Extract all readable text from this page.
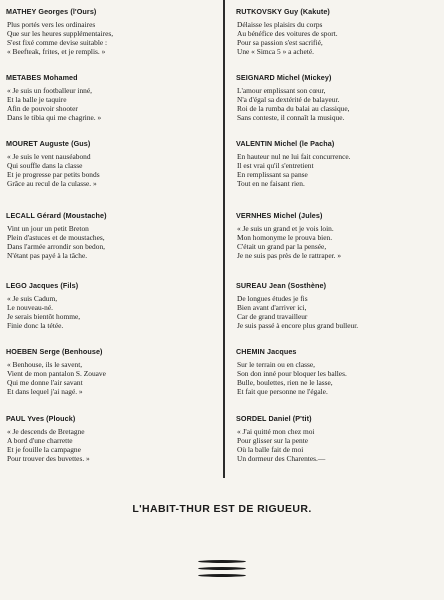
MATHEY Georges (l'Ours)
Plus portés vers les ordinaires
Que sur les heures supplémentaires,
S'est fixé comme devise suitable :
« Beefteak, frites, et je remplis. »
METABES Mohamed
« Je suis un footballeur inné,
Et la balle je taquire
Afin de pouvoir shooter
Dans le tibia qui me chagrine. »
MOURET Auguste (Gus)
« Je suis le vent nauséabond
Qui souffle dans la classe
Et je progresse par petits bonds
Grâce au recul de la culasse. »
LECALL Gérard (Moustache)
Vint un jour un petit Breton
Plein d'astuces et de moustaches,
Dans l'armée arrondir son bedon,
N'étant pas payé à la tâche.
LEGO Jacques (Fils)
« Je suis Cadum,
Le nouveau-né.
Je serais bientôt homme,
Finie donc la tétée.
HOEBEN Serge (Benhouse)
« Benhouse, ils le savent,
Vient de mon pantalon S. Zouave
Qui me donne l'air savant
Et dans lequel j'ai nagé. »
PAUL Yves (Plouck)
« Je descends de Bretagne
A bord d'une charrette
Et je fouille la campagne
Pour trouver des buvettes. »
RUTKOVSKY Guy (Kakute)
Délaisse les plaisirs du corps
Au bénéfice des voitures de sport.
Pour sa passion s'est sacrifié,
Une « Simca 5 » a acheté.
SEIGNARD Michel (Mickey)
L'amour emplissant son cœur,
N'a d'égal sa dextérité de balayeur.
Roi de la rumba du balai au classique,
Sans conteste, il connaît la musique.
VALENTIN Michel (le Pacha)
En hauteur nul ne lui fait concurrence.
Il est vrai qu'il s'entretient
En remplissant sa panse
Tout en ne faisant rien.
VERNHES Michel (Jules)
« Je suis un grand et je vois loin.
Mon homonyme le prouva bien.
C'était un grand par la pensée,
Je ne suis pas près de le rattraper. »
SUREAU Jean (Sosthène)
De longues études je fis
Bien avant d'arriver ici,
Car de grand travailleur
Je suis passé à encore plus grand bulleur.
CHEMIN Jacques
Sur le terrain ou en classe,
Son don inné pour bloquer les balles.
Bulle, boulettes, rien ne le lasse,
Et fait que personne ne l'égale.
SORDEL Daniel (P'tit)
« J'ai quitté mon chez moi
Pour glisser sur la pente
Où la balle fait de moi
Un dormeur des Charentes.—
L'HABIT-THUR EST DE RIGUEUR.
